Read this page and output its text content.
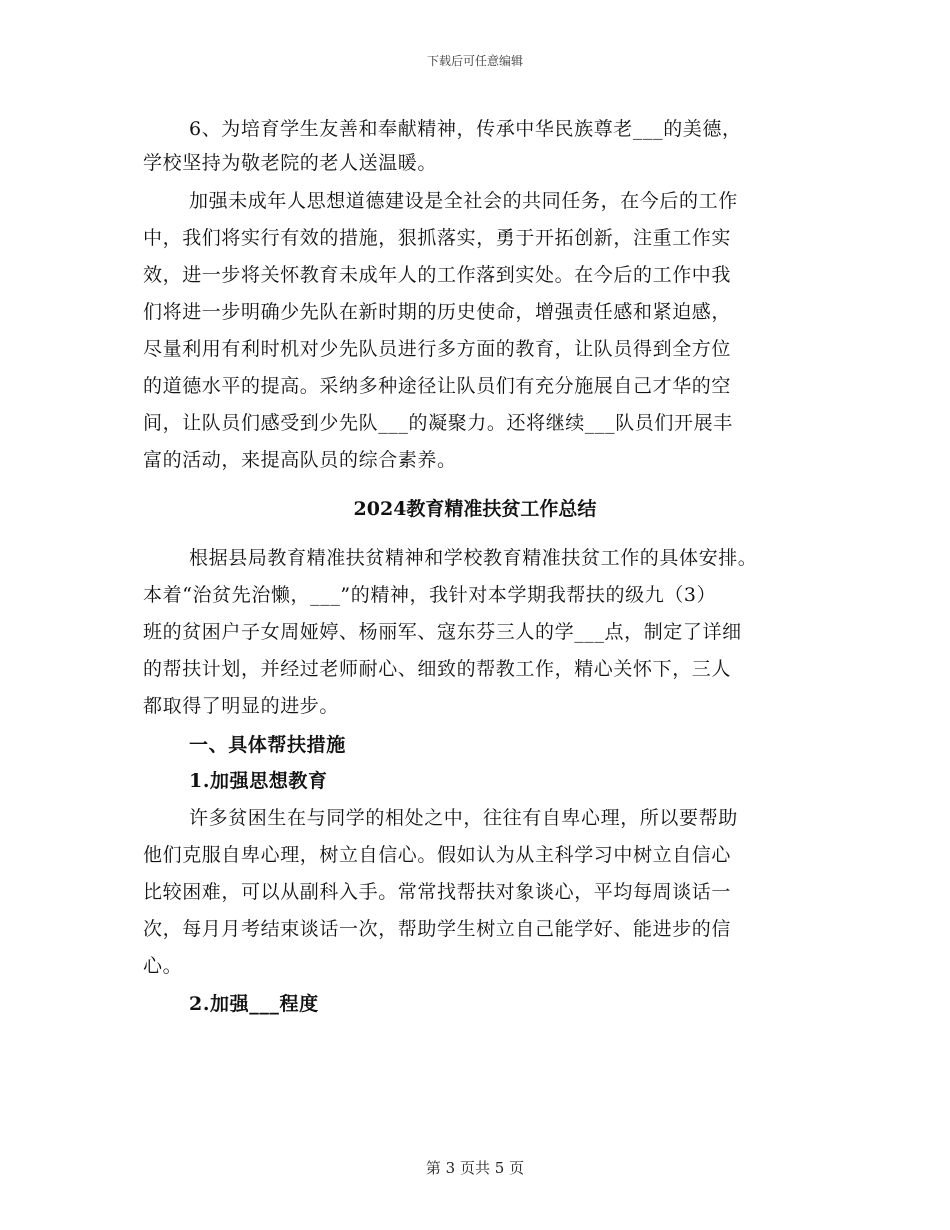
下载后可任意编辑
6、为培育学生友善和奉献精神，传承中华民族尊老___的美德，
学校坚持为敬老院的老人送温暖。
加强未成年人思想道德建设是全社会的共同任务，在今后的工作
中，我们将实行有效的措施，狠抓落实，勇于开拓创新，注重工作实
效，进一步将关怀教育未成年人的工作落到实处。在今后的工作中我
们将进一步明确少先队在新时期的历史使命，增强责任感和紧迫感，
尽量利用有利时机对少先队员进行多方面的教育，让队员得到全方位
的道德水平的提高。采纳多种途径让队员们有充分施展自己才华的空
间，让队员们感受到少先队___的凝聚力。还将继续___队员们开展丰
富的活动，来提高队员的综合素养。
2024教育精准扶贫工作总结
根据县局教育精准扶贫精神和学校教育精准扶贫工作的具体安排。
本着“治贫先治懒，___”的精神，我针对本学期我帮扶的级九（3）
班的贫困户子女周娅婷、杨丽军、寇东芬三人的学___点，制定了详细
的帮扶计划，并经过老师耐心、细致的帮教工作，精心关怀下，三人
都取得了明显的进步。
一、具体帮扶措施
1.加强思想教育
许多贫困生在与同学的相处之中，往往有自卑心理，所以要帮助
他们克服自卑心理，树立自信心。假如认为从主科学习中树立自信心
比较困难，可以从副科入手。常常找帮扶对象谈心，平均每周谈话一
次，每月月考结束谈话一次，帮助学生树立自己能学好、能进步的信
心。
2.加强___程度
第 3 页共 5 页
